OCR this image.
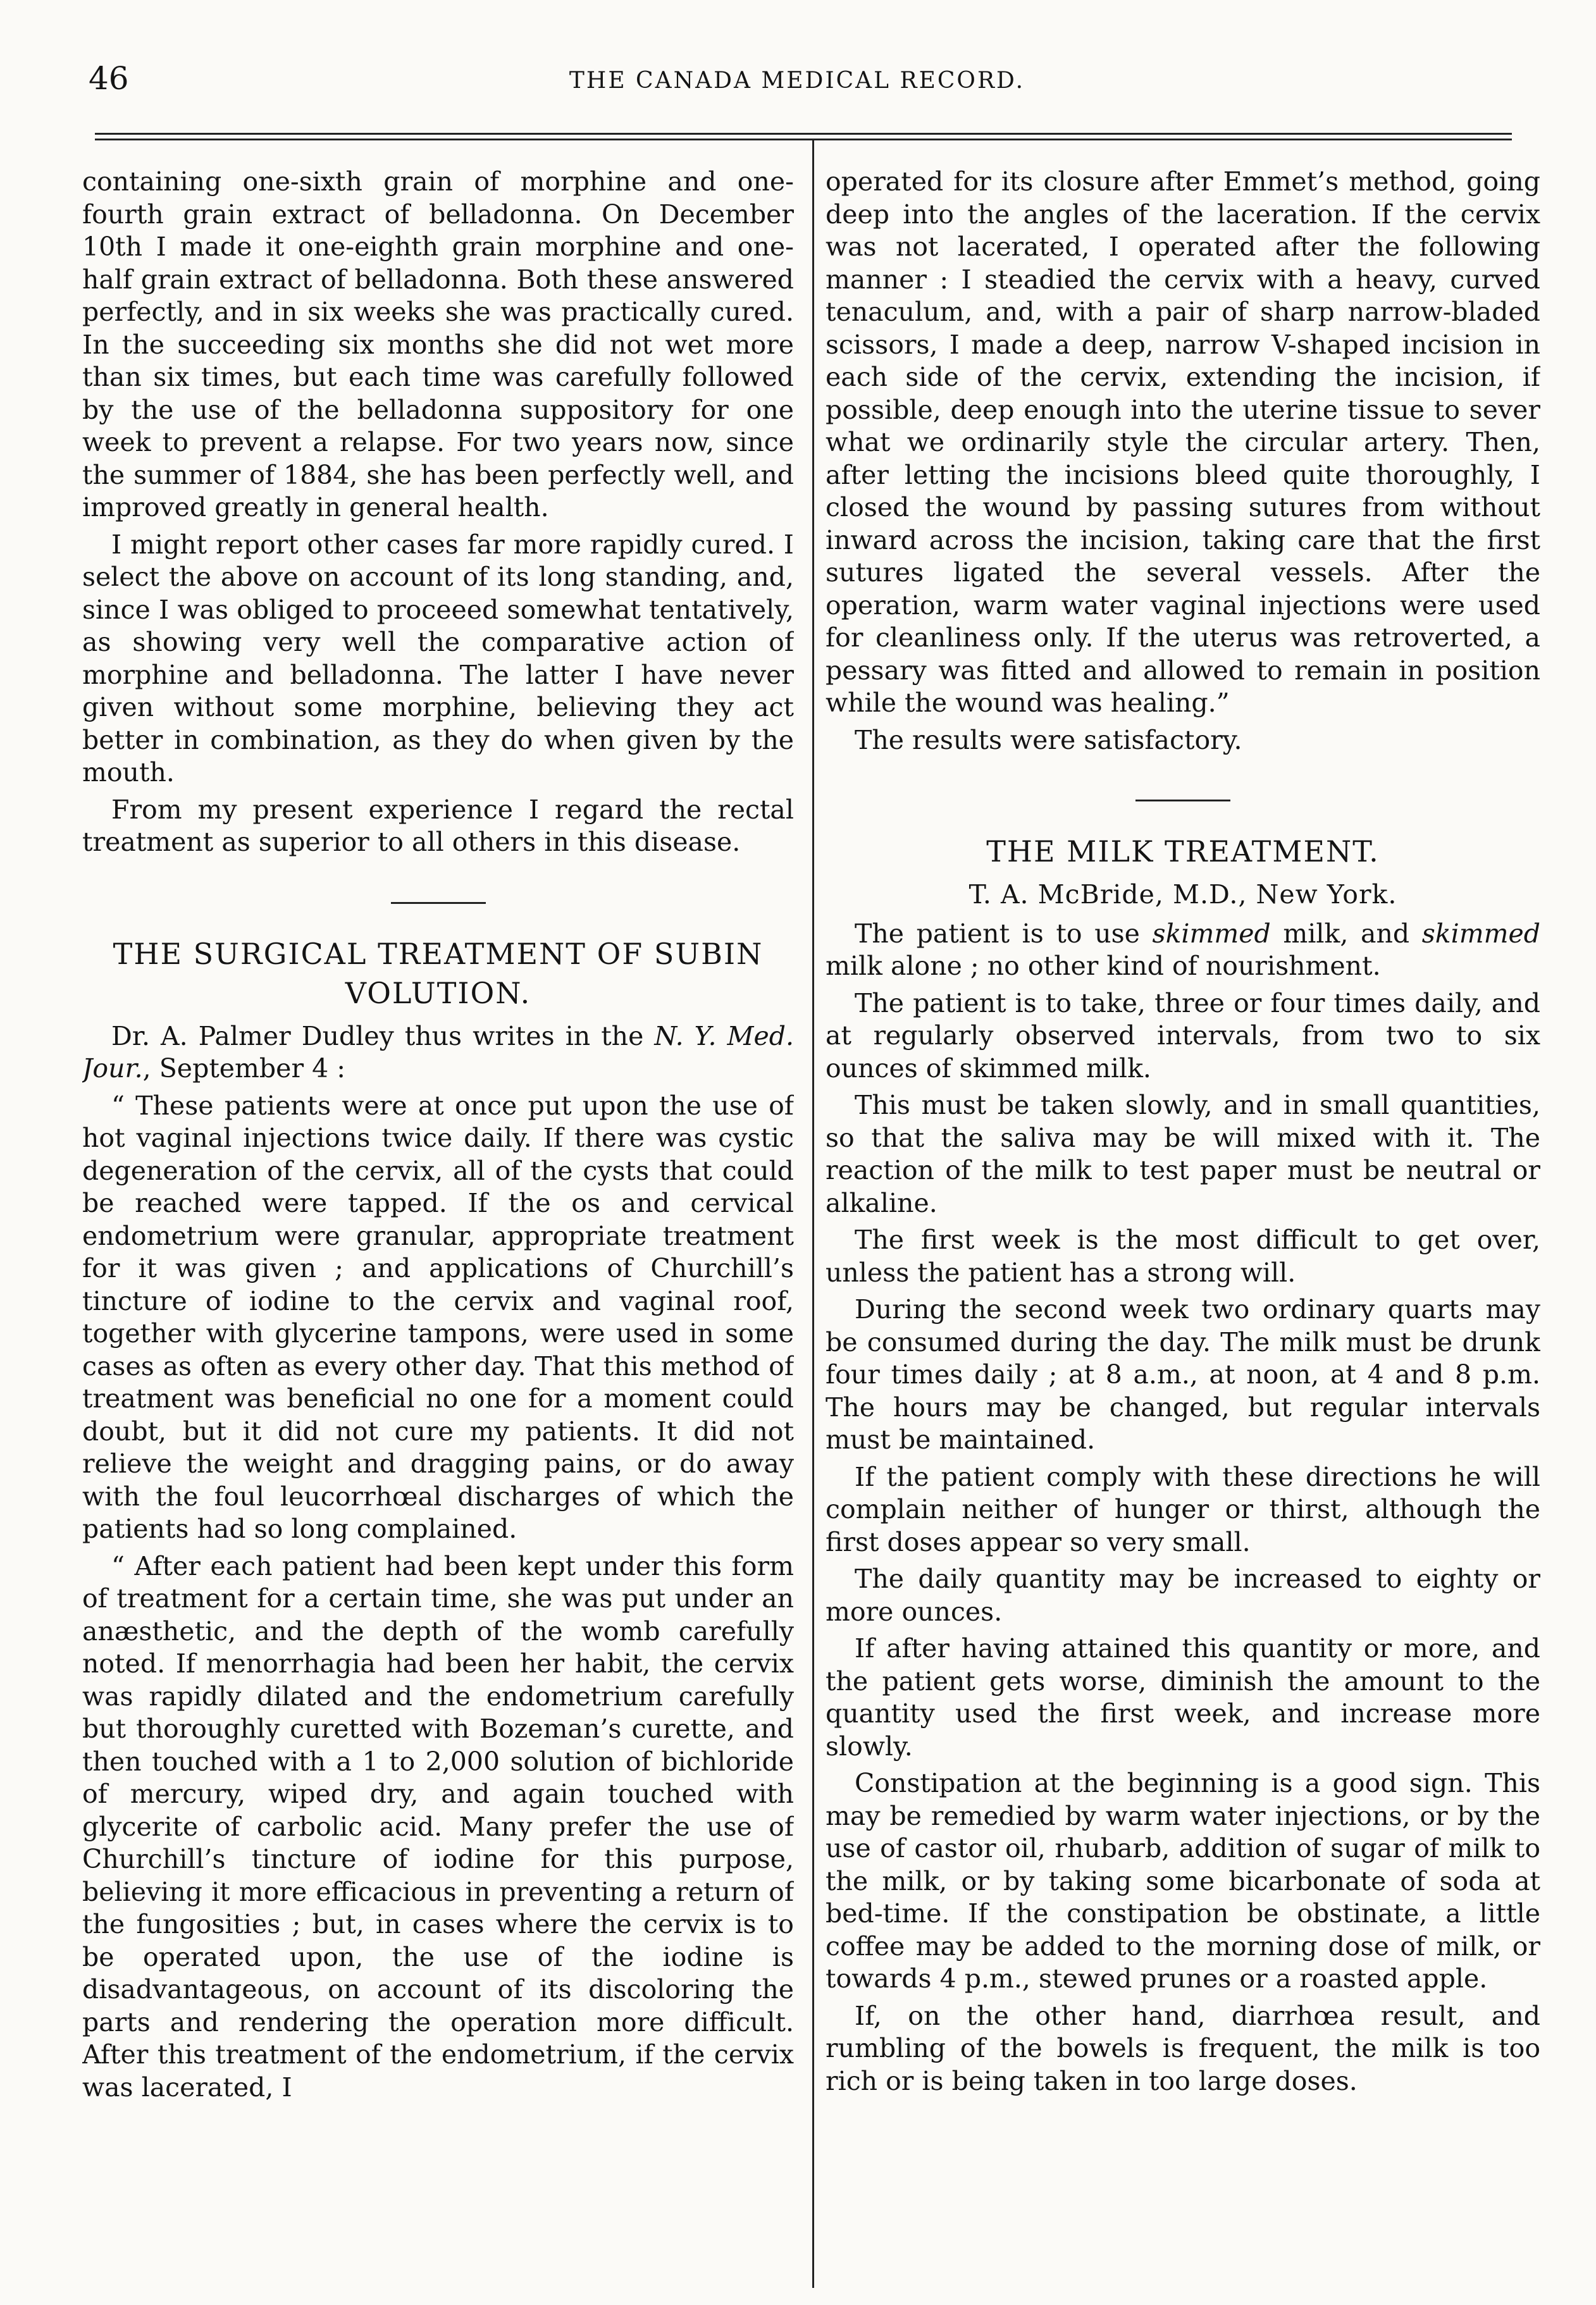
46	THE CANADA MEDICAL RECORD.

containing one-sixth grain of morphine and one-fourth grain extract of belladonna. On December 10th I made it one-eighth grain morphine and one-half grain extract of belladonna. Both these answered perfectly, and in six weeks she was practically cured. In the succeeding six months she did not wet more than six times, but each time was carefully followed by the use of the belladonna suppository for one week to prevent a relapse. For two years now, since the summer of 1884, she has been perfectly well, and improved greatly in general health.

I might report other cases far more rapidly cured. I select the above on account of its long standing, and, since I was obliged to proceeed somewhat tentatively, as showing very well the comparative action of morphine and belladonna. The latter I have never given without some morphine, believing they act better in combination, as they do when given by the mouth.

From my present experience I regard the rectal treatment as superior to all others in this disease.

THE SURGICAL TREATMENT OF SUBIN VOLUTION.

Dr. A. Palmer Dudley thus writes in the N. Y. Med. Jour., September 4 :

“ These patients were at once put upon the use of hot vaginal injections twice daily. If there was cystic degeneration of the cervix, all of the cysts that could be reached were tapped. If the os and cervical endometrium were granular, appropriate treatment for it was given ; and applications of Churchill’s tincture of iodine to the cervix and vaginal roof, together with glycerine tampons, were used in some cases as often as every other day. That this method of treatment was beneficial no one for a moment could doubt, but it did not cure my patients. It did not relieve the weight and dragging pains, or do away with the foul leucorrhœal discharges of which the patients had so long complained.

“ After each patient had been kept under this form of treatment for a certain time, she was put under an anæsthetic, and the depth of the womb carefully noted. If menorrhagia had been her habit, the cervix was rapidly dilated and the endometrium carefully but thoroughly curetted with Bozeman’s curette, and then touched with a 1 to 2,000 solution of bichloride of mercury, wiped dry, and again touched with glycerite of carbolic acid. Many prefer the use of Churchill’s tincture of iodine for this purpose, believing it more efficacious in preventing a return of the fungosities ; but, in cases where the cervix is to be operated upon, the use of the iodine is disadvantageous, on account of its discoloring the parts and rendering the operation more difficult. After this treatment of the endometrium, if the cervix was lacerated, I

operated for its closure after Emmet’s method, going deep into the angles of the laceration. If the cervix was not lacerated, I operated after the following manner : I steadied the cervix with a heavy, curved tenaculum, and, with a pair of sharp narrow-bladed scissors, I made a deep, narrow V-shaped incision in each side of the cervix, extending the incision, if possible, deep enough into the uterine tissue to sever what we ordinarily style the circular artery. Then, after letting the incisions bleed quite thoroughly, I closed the wound by passing sutures from without inward across the incision, taking care that the first sutures ligated the several vessels. After the operation, warm water vaginal injections were used for cleanliness only. If the uterus was retroverted, a pessary was fitted and allowed to remain in position while the wound was healing.”

The results were satisfactory.

THE MILK TREATMENT.
T. A. McBride, M.D., New York.

The patient is to use skimmed milk, and skimmed milk alone ; no other kind of nourishment.

The patient is to take, three or four times daily, and at regularly observed intervals, from two to six ounces of skimmed milk.

This must be taken slowly, and in small quantities, so that the saliva may be will mixed with it. The reaction of the milk to test paper must be neutral or alkaline.

The first week is the most difficult to get over, unless the patient has a strong will.

During the second week two ordinary quarts may be consumed during the day. The milk must be drunk four times daily ; at 8 a.m., at noon, at 4 and 8 p.m. The hours may be changed, but regular intervals must be maintained.

If the patient comply with these directions he will complain neither of hunger or thirst, although the first doses appear so very small.

The daily quantity may be increased to eighty or more ounces.

If after having attained this quantity or more, and the patient gets worse, diminish the amount to the quantity used the first week, and increase more slowly.

Constipation at the beginning is a good sign. This may be remedied by warm water injections, or by the use of castor oil, rhubarb, addition of sugar of milk to the milk, or by taking some bicarbonate of soda at bed-time. If the constipation be obstinate, a little coffee may be added to the morning dose of milk, or towards 4 p.m., stewed prunes or a roasted apple.

If, on the other hand, diarrhœa result, and rumbling of the bowels is frequent, the milk is too rich or is being taken in too large doses.
